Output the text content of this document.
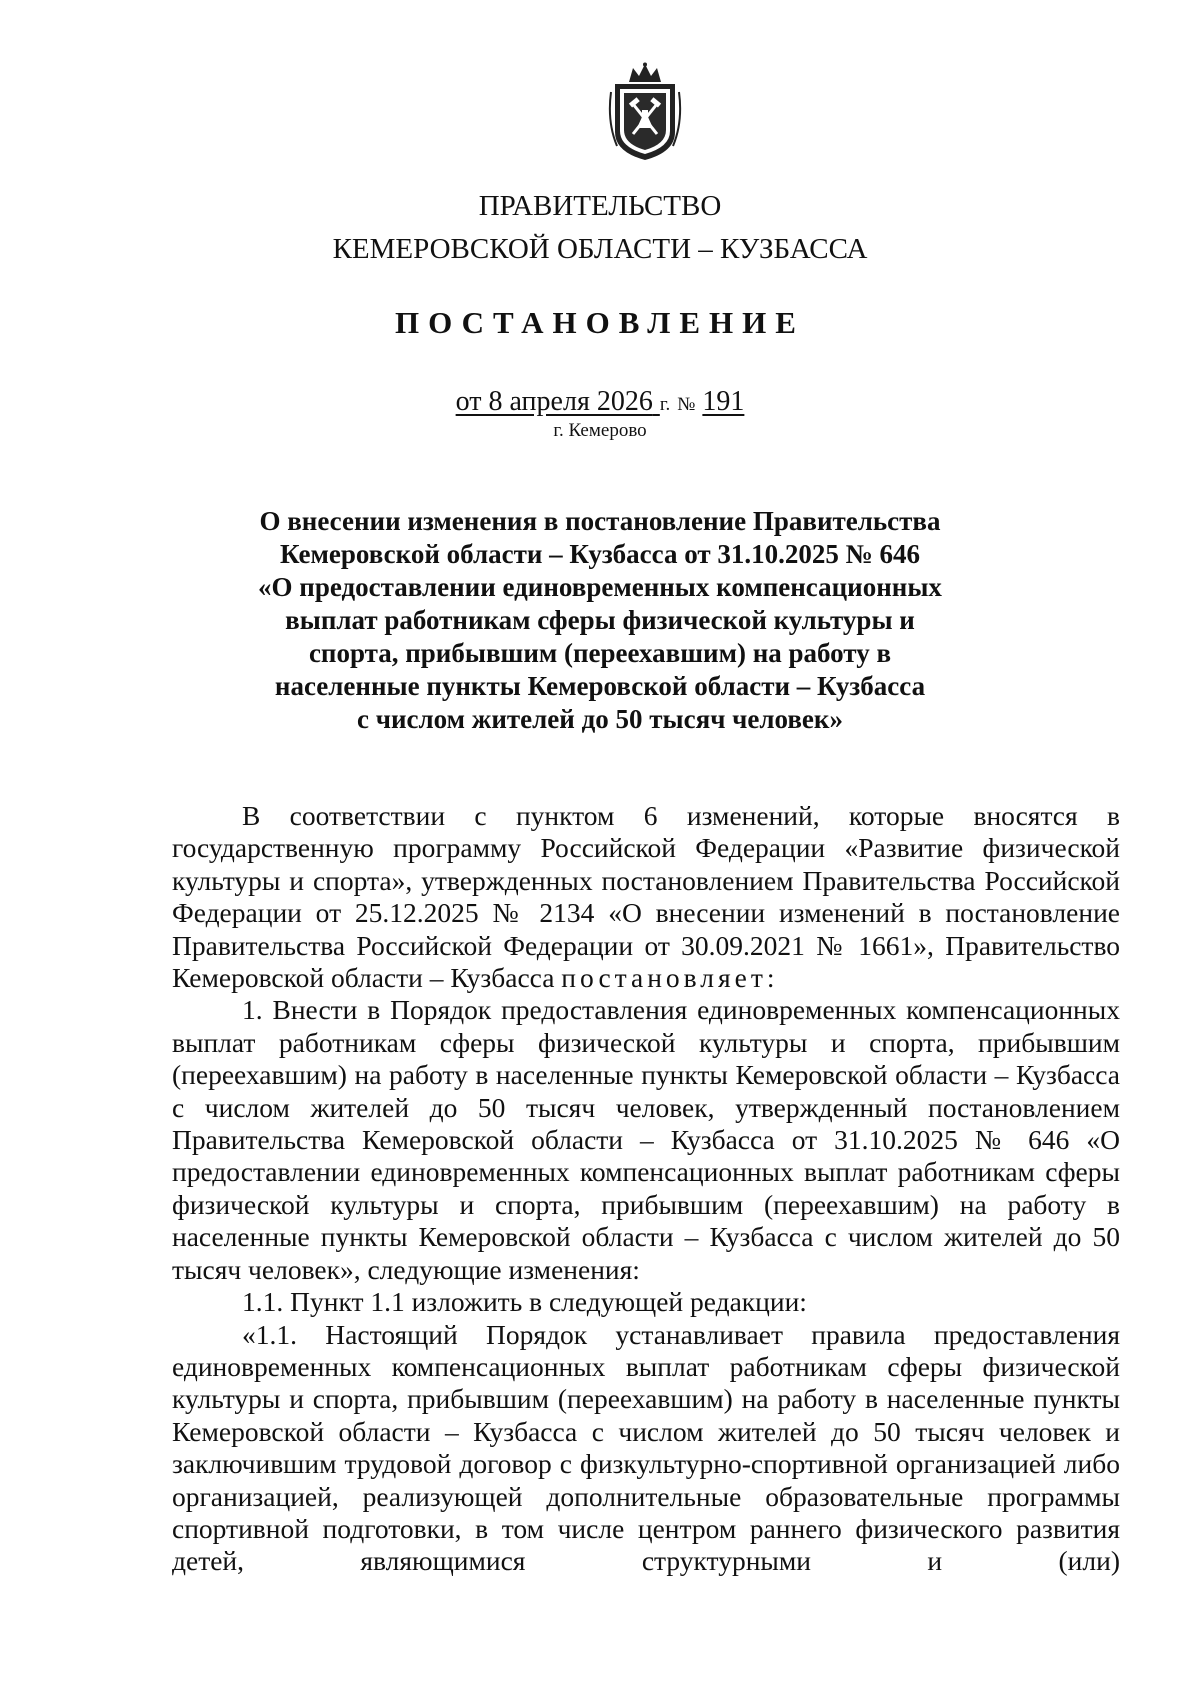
ПРАВИТЕЛЬСТВО
КЕМЕРОВСКОЙ ОБЛАСТИ – КУЗБАССА
ПОСТАНОВЛЕНИЕ
от 8 апреля 2026 г. № 191
г. Кемерово
О внесении изменения в постановление Правительства
Кемеровской области – Кузбасса от 31.10.2025 № 646
«О предоставлении единовременных компенсационных
выплат работникам сферы физической культуры и
спорта, прибывшим (переехавшим) на работу в
населенные пункты Кемеровской области – Кузбасса
с числом жителей до 50 тысяч человек»

В соответствии с пунктом 6 изменений, которые вносятся в государственную программу Российской Федерации «Развитие физической культуры и спорта», утвержденных постановлением Правительства Российской Федерации от 25.12.2025 № 2134 «О внесении изменений в постановление Правительства Российской Федерации от 30.09.2021 № 1661», Правительство Кемеровской области – Кузбасса постановляет:

1. Внести в Порядок предоставления единовременных компенсационных выплат работникам сферы физической культуры и спорта, прибывшим (переехавшим) на работу в населенные пункты Кемеровской области – Кузбасса с числом жителей до 50 тысяч человек, утвержденный постановлением Правительства Кемеровской области – Кузбасса от 31.10.2025 № 646 «О предоставлении единовременных компенсационных выплат работникам сферы физической культуры и спорта, прибывшим (переехавшим) на работу в населенные пункты Кемеровской области – Кузбасса с числом жителей до 50 тысяч человек», следующие изменения:

1.1. Пункт 1.1 изложить в следующей редакции:

«1.1. Настоящий Порядок устанавливает правила предоставления единовременных компенсационных выплат работникам сферы физической культуры и спорта, прибывшим (переехавшим) на работу в населенные пункты Кемеровской области – Кузбасса с числом жителей до 50 тысяч человек и заключившим трудовой договор с физкультурно-спортивной организацией либо организацией, реализующей дополнительные образовательные программы спортивной подготовки, в том числе центром раннего физического развития детей, являющимися структурными и (или)
